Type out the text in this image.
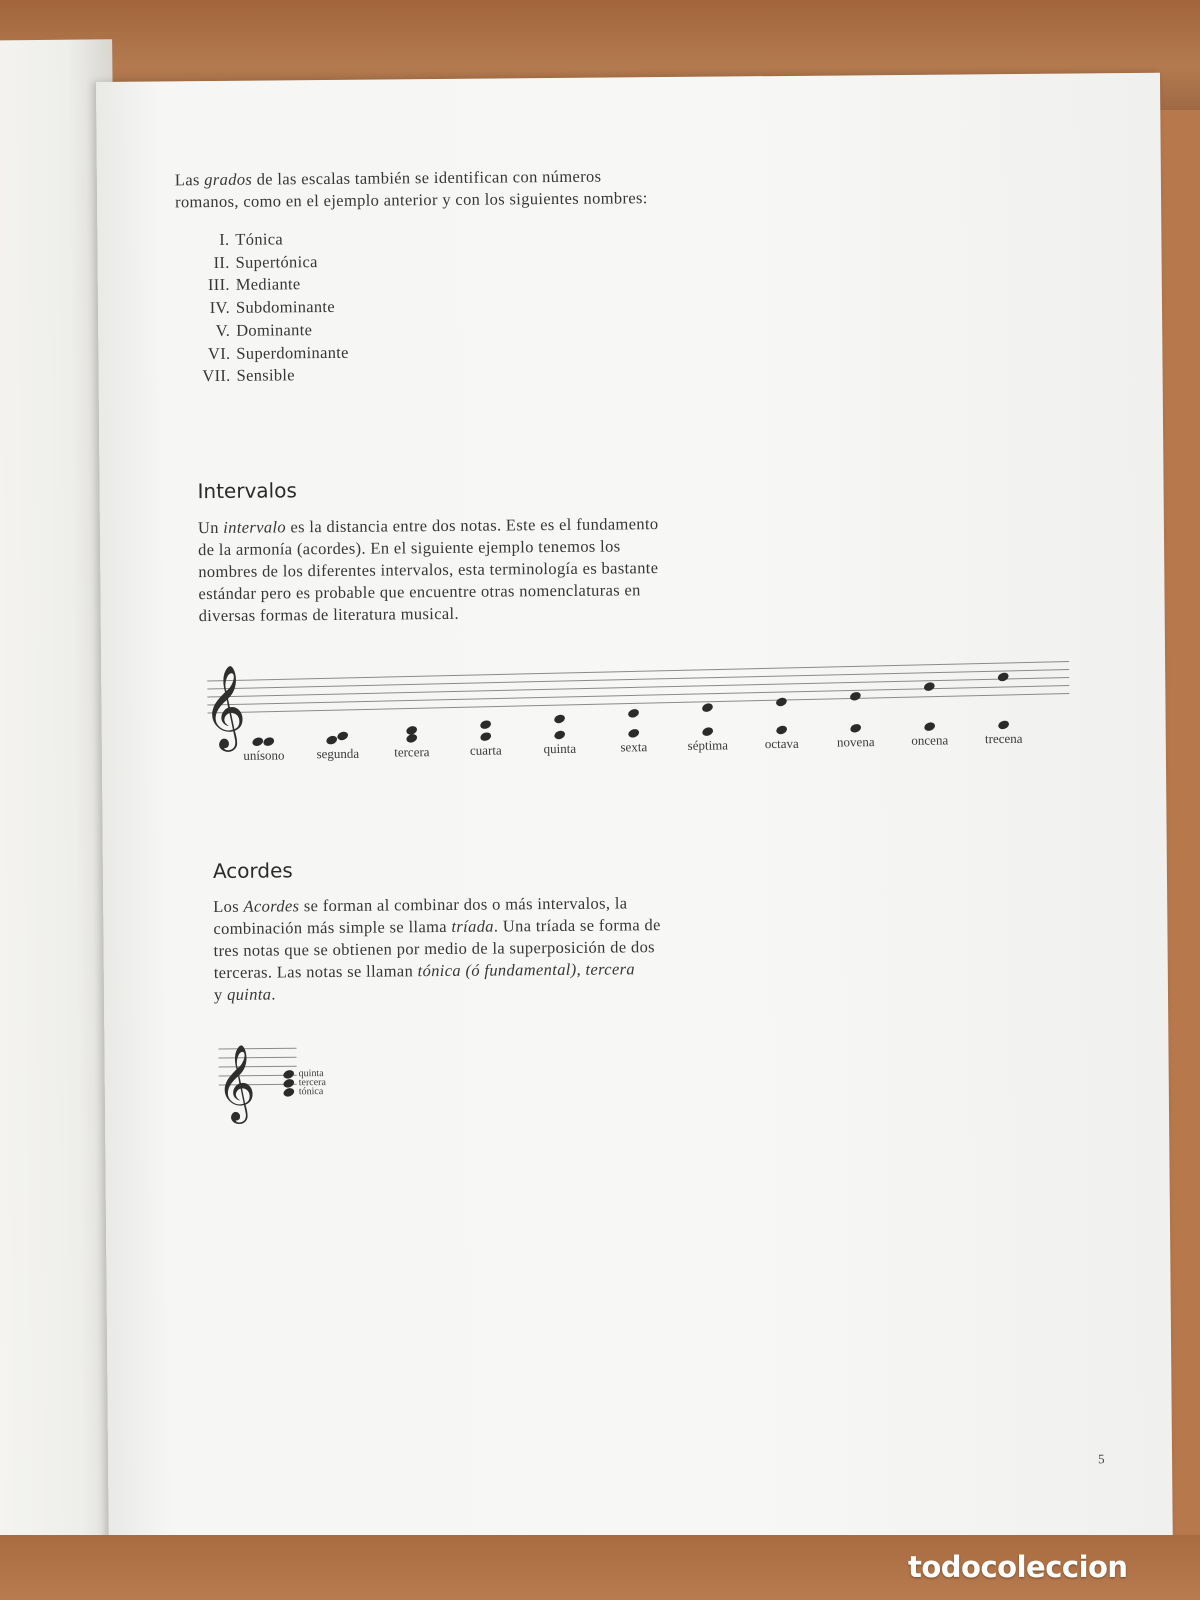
Las grados de las escalas también se identifican con números
romanos, como en el ejemplo anterior y con los siguientes nombres:

I. Tónica
II. Supertónica
III. Mediante
IV. Subdominante
V. Dominante
VI. Superdominante
VII. Sensible
Intervalos

Un intervalo es la distancia entre dos notas. Este es el fundamento
de la armonía (acordes). En el siguiente ejemplo tenemos los
nombres de los diferentes intervalos, esta terminología es bastante
estándar pero es probable que encuentre otras nomenclaturas en
diversas formas de literatura musical.

𝄞
unísono segunda	tercera	cuarta	quinta	sexta	séptima	octava	novena	oncena	trecena
Acordes

Los Acordes se forman al combinar dos o más intervalos, la
combinación más simple se llama tríada. Una tríada se forma de
tres notas que se obtienen por medio de la superposición de dos
terceras. Las notas se llaman tónica (ó fundamental), tercera
y quinta.

𝄞	quinta
tercera
tónica
5
todocoleccion
